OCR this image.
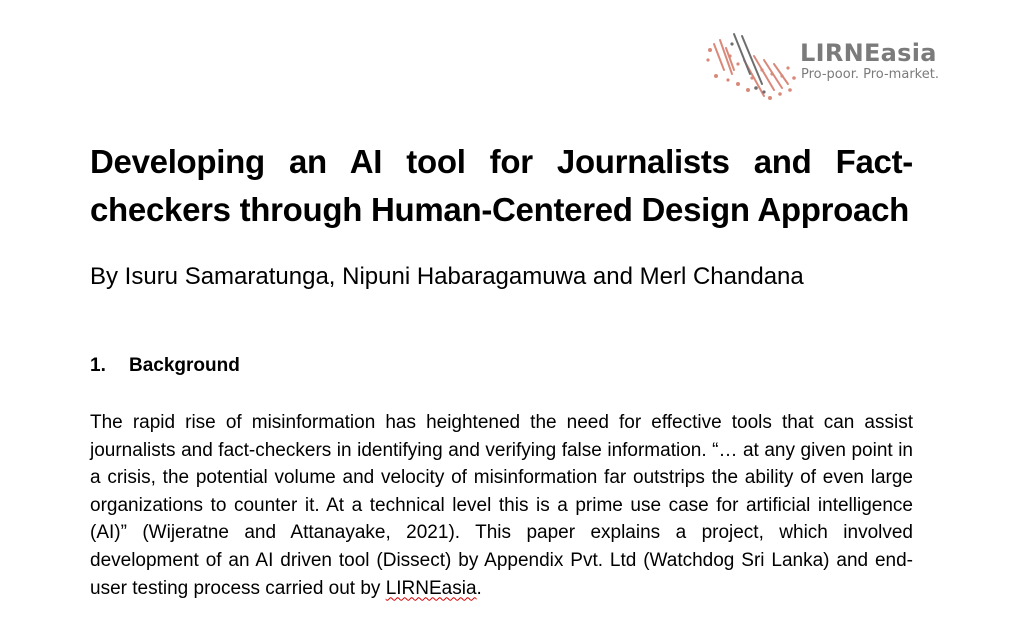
LIRNEasia
Pro-poor. Pro-market.
Developing an AI tool for Journalists and Fact-checkers through Human-Centered Design Approach

By Isuru Samaratunga, Nipuni Habaragamuwa and Merl Chandana

1. Background

The rapid rise of misinformation has heightened the need for effective tools that can assist journalists and fact-checkers in identifying and verifying false information. “… at any given point in a crisis, the potential volume and velocity of misinformation far outstrips the ability of even large organizations to counter it. At a technical level this is a prime use case for artificial intelligence (AI)” (Wijeratne and Attanayake, 2021). This paper explains a project, which involved development of an AI driven tool (Dissect) by Appendix Pvt. Ltd (Watchdog Sri Lanka) and end-user testing process carried out by LIRNEasia.
